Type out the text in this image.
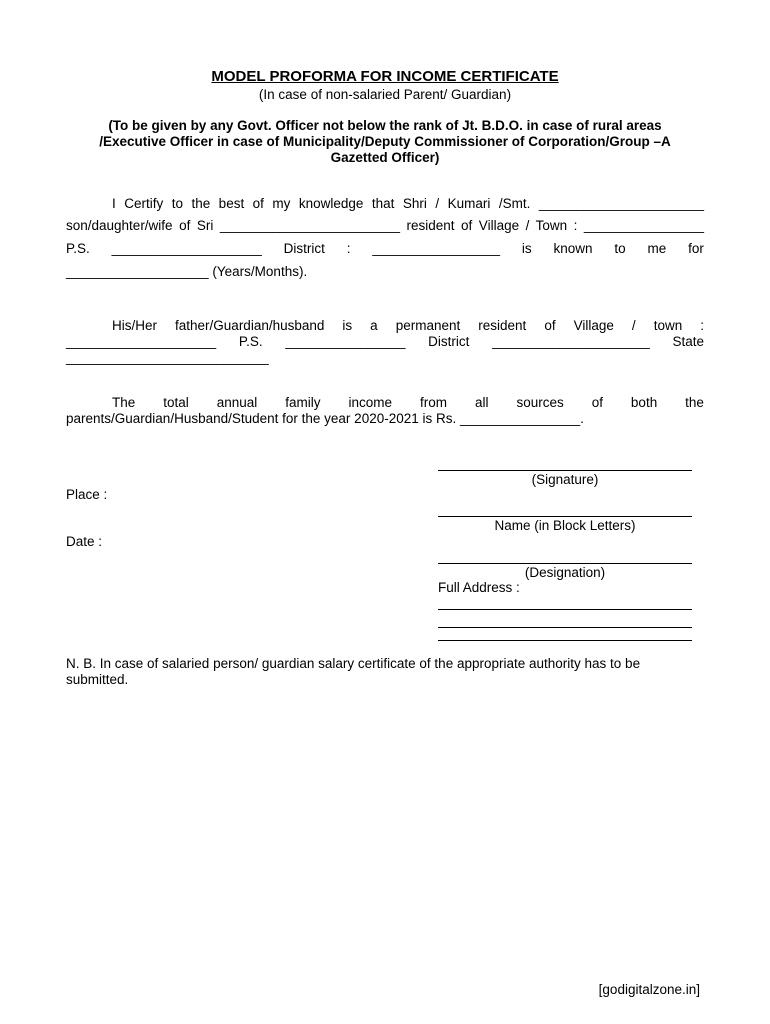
MODEL PROFORMA FOR INCOME CERTIFICATE
(In case of non-salaried Parent/ Guardian)
(To be given by any Govt. Officer not below the rank of Jt. B.D.O. in case of rural areas
/Executive Officer in case of Municipality/Deputy Commissioner of Corporation/Group –A
Gazetted Officer)
I Certify to the best of my knowledge that Shri / Kumari /Smt. ______________________
son/daughter/wife of Sri ________________________ resident of Village / Town : ________________
P.S. ____________________ District : _________________ is known to me for
___________________ (Years/Months).
His/Her father/Guardian/husband is a permanent resident of Village / town :
____________________ P.S. ________________ District _____________________ State
___________________________
The total annual family income from all sources of both the
parents/Guardian/Husband/Student for the year 2020-2021 is Rs. ________________.
(Signature)
Place :
Name (in Block Letters)
Date :
(Designation)
Full Address :
N. B. In case of salaried person/ guardian salary certificate of the appropriate authority has to be
submitted.
[godigitalzone.in]
